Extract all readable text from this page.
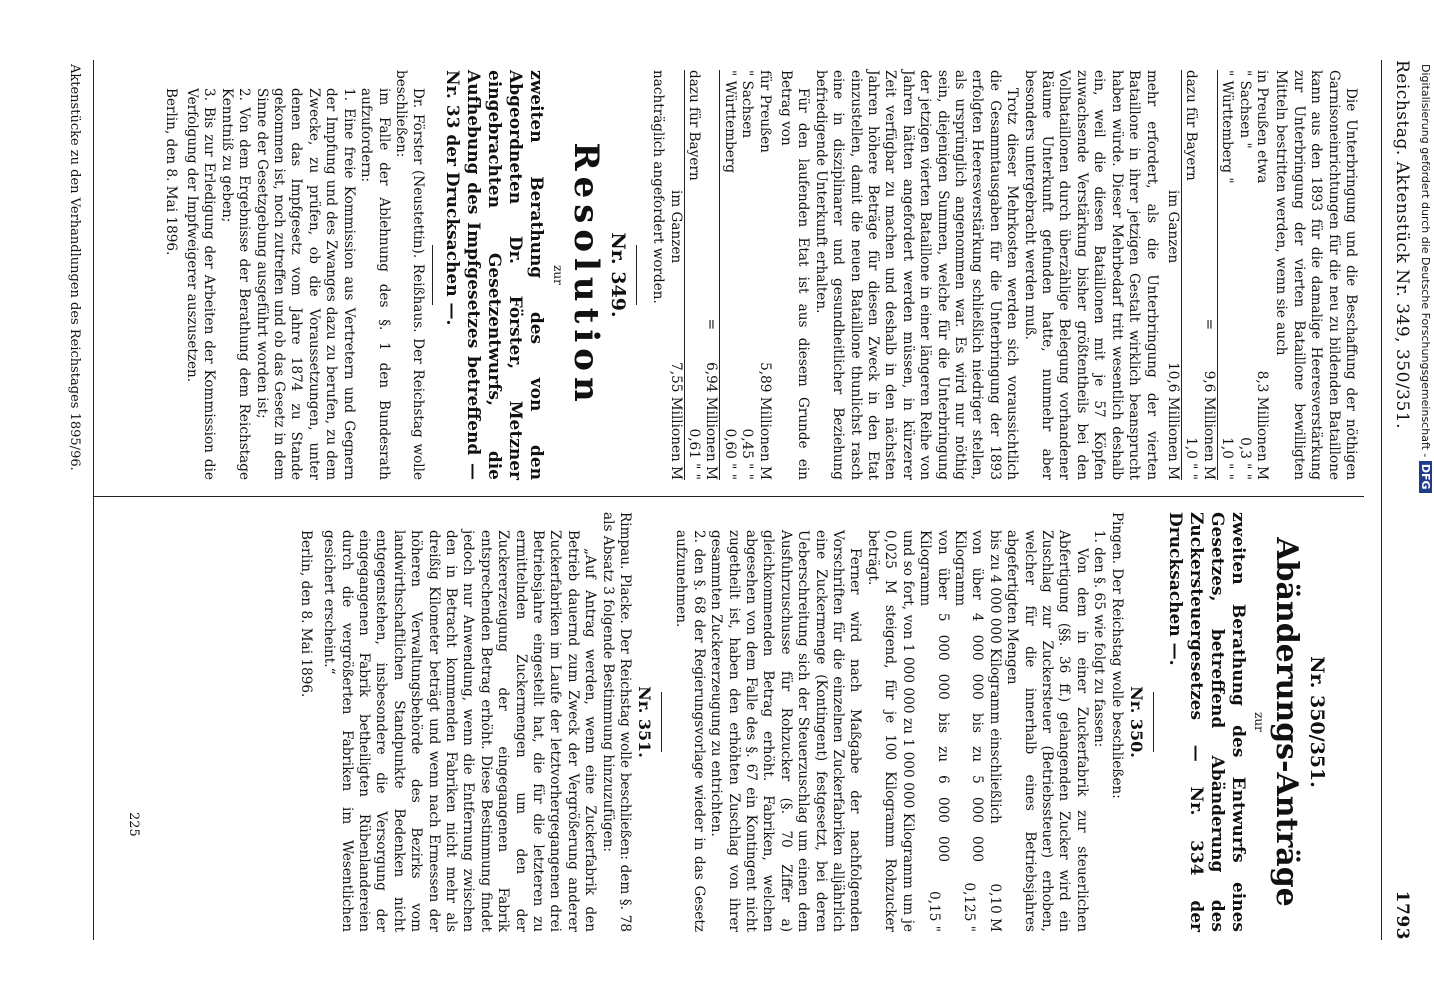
Reichstag. Aktenstück Nr. 349, 350/351.
1793

Die Unterbringung und die Beschaffung der nöthigen Garnisoneinrichtungen für die neu zu bildenden Bataillone kann aus den 1893 für die damalige Heeresverstärkung zur Unterbringung der vierten Bataillone bewilligten Mitteln bestritten werden, wenn sie auch

in Preußen etwa	8,3 Millionen M
" Sachsen "	0,3 " "
" Württemberg "	1,0 " "
=	9,6 Millionen M
dazu für Bayern	1,0 " "
im Ganzen	10,6 Millionen M

mehr erfordert, als die Unterbringung der vierten Bataillone in ihrer jetzigen Gestalt wirklich beansprucht haben würde. Dieser Mehrbedarf tritt wesentlich deshalb ein, weil die diesen Bataillonen mit je 57 Köpfen zuwachsende Verstärkung bisher größtentheils bei den Vollbataillonen durch überzählige Belegung vorhandener Räume Unterkunft gefunden hatte, nunmehr aber besonders untergebracht werden muß.

Trotz dieser Mehrkosten werden sich voraussichtlich die Gesammtausgaben für die Unterbringung der 1893 erfolgten Heeresverstärkung schließlich niedriger stellen, als ursprünglich angenommen war. Es wird nur nöthig sein, diejenigen Summen, welche für die Unterbringung der jetzigen vierten Bataillone in einer längeren Reihe von Jahren hätten angefordert werden müssen, in kürzerer Zeit verfügbar zu machen und deshalb in den nächsten Jahren höhere Beträge für diesen Zweck in den Etat einzustellen, damit die neuen Bataillone thunlichst rasch eine in disziplinarer und gesundheitlicher Beziehung befriedigende Unterkunft erhalten.

Für den laufenden Etat ist aus diesem Grunde ein Betrag von

für Preußen	5,89 Millionen M
" Sachsen	0,45 " "
" Württemberg	0,60 " "
=	6,94 Millionen M
dazu für Bayern	0,61 " "
im Ganzen	7,55 Millionen M

nachträglich angefordert worden.

Nr. 349.

Resolution

zur

zweiten Berathung des von den Abgeordneten Dr. Förster, Metzner eingebrachten Gesetzentwurfs, die Aufhebung des Impfgesetzes betreffend — Nr. 33 der Drucksachen —.

Dr. Förster (Neustettin). Reißhaus. Der Reichstag wolle beschließen:

im Falle der Ablehnung des §. 1 den Bundesrath aufzufordern:

1. Eine freie Kommission aus Vertretern und Gegnern der Impfung und des Zwanges dazu zu berufen, zu dem Zwecke, zu prüfen, ob die Voraussetzungen, unter denen das Impfgesetz vom Jahre 1874 zu Stande gekommen ist, noch zutreffen und ob das Gesetz in dem Sinne der Gesetzgebung ausgeführt worden ist;

2. Von dem Ergebnisse der Berathung dem Reichstage Kenntniß zu geben;

3. Bis zur Erledigung der Arbeiten der Kommission die Verfolgung der Impfweigerer auszusetzen.

Berlin, den 8. Mai 1896.

Nr. 350/351.

Abänderungs-Anträge

zur

zweiten Berathung des Entwurfs eines Gesetzes, betreffend Abänderung des Zuckersteuergesetzes — Nr. 334 der Drucksachen —.

Nr. 350.

Pingen. Der Reichstag wolle beschließen:

1. den §. 65 wie folgt zu fassen:

Von dem in einer Zuckerfabrik zur steuerlichen Abfertigung (§§. 36 ff.) gelangenden Zucker wird ein Zuschlag zur Zuckersteuer (Betriebssteuer) erhoben, welcher für die innerhalb eines Betriebsjahres abgefertigten Mengen

bis zu 4 000 000 Kilogramm einschließlich	0,10 M
von über 4 000 000 bis zu 5 000 000 Kilogramm	0,125 "
von über 5 000 000 bis zu 6 000 000 Kilogramm	0,15 "

und so fort, von 1 000 000 zu 1 000 000 Kilogramm um je 0,025 M steigend, für je 100 Kilogramm Rohzucker beträgt.

Ferner wird nach Maßgabe der nachfolgenden Vorschriften für die einzelnen Zuckerfabriken alljährlich eine Zuckermenge (Kontingent) festgesetzt, bei deren Ueberschreitung sich der Steuerzuschlag um einen dem Ausfuhrzuschusse für Rohzucker (§. 70 Ziffer a) gleichkommenden Betrag erhöht. Fabriken, welchen abgesehen von dem Falle des §. 67 ein Kontingent nicht zugetheilt ist, haben den erhöhten Zuschlag von ihrer gesammten Zuckererzeugung zu entrichten.

2. den §. 68 der Regierungsvorlage wieder in das Gesetz aufzunehmen.

Nr. 351.

Rimpau. Placke. Der Reichstag wolle beschließen: dem §. 78 als Absatz 3 folgende Bestimmung hinzuzufügen:

„Auf Antrag werden, wenn eine Zuckerfabrik den Betrieb dauernd zum Zweck der Vergrößerung anderer Zuckerfabriken im Laufe der letztvorhergegangenen drei Betriebsjahre eingestellt hat, die für die letzteren zu ermittelnden Zuckermengen um den der Zuckererzeugung der eingegangenen Fabrik entsprechenden Betrag erhöht. Diese Bestimmung findet jedoch nur Anwendung, wenn die Entfernung zwischen den in Betracht kommenden Fabriken nicht mehr als dreißig Kilometer beträgt und wenn nach Ermessen der höheren Verwaltungsbehörde des Bezirks vom landwirthschaftlichen Standpunkte Bedenken nicht entgegenstehen, insbesondere die Versorgung der eingegangenen Fabrik betheiligten Rübenlandereien durch die vergrößerten Fabriken im Wesentlichen gesichert erscheint.“

Berlin, den 8. Mai 1896.

Aktenstücke zu den Verhandlungen des Reichstages 1895/96.
225
Digitalisierung gefördert durch die Deutsche Forschungsgemeinschaft - DFG
